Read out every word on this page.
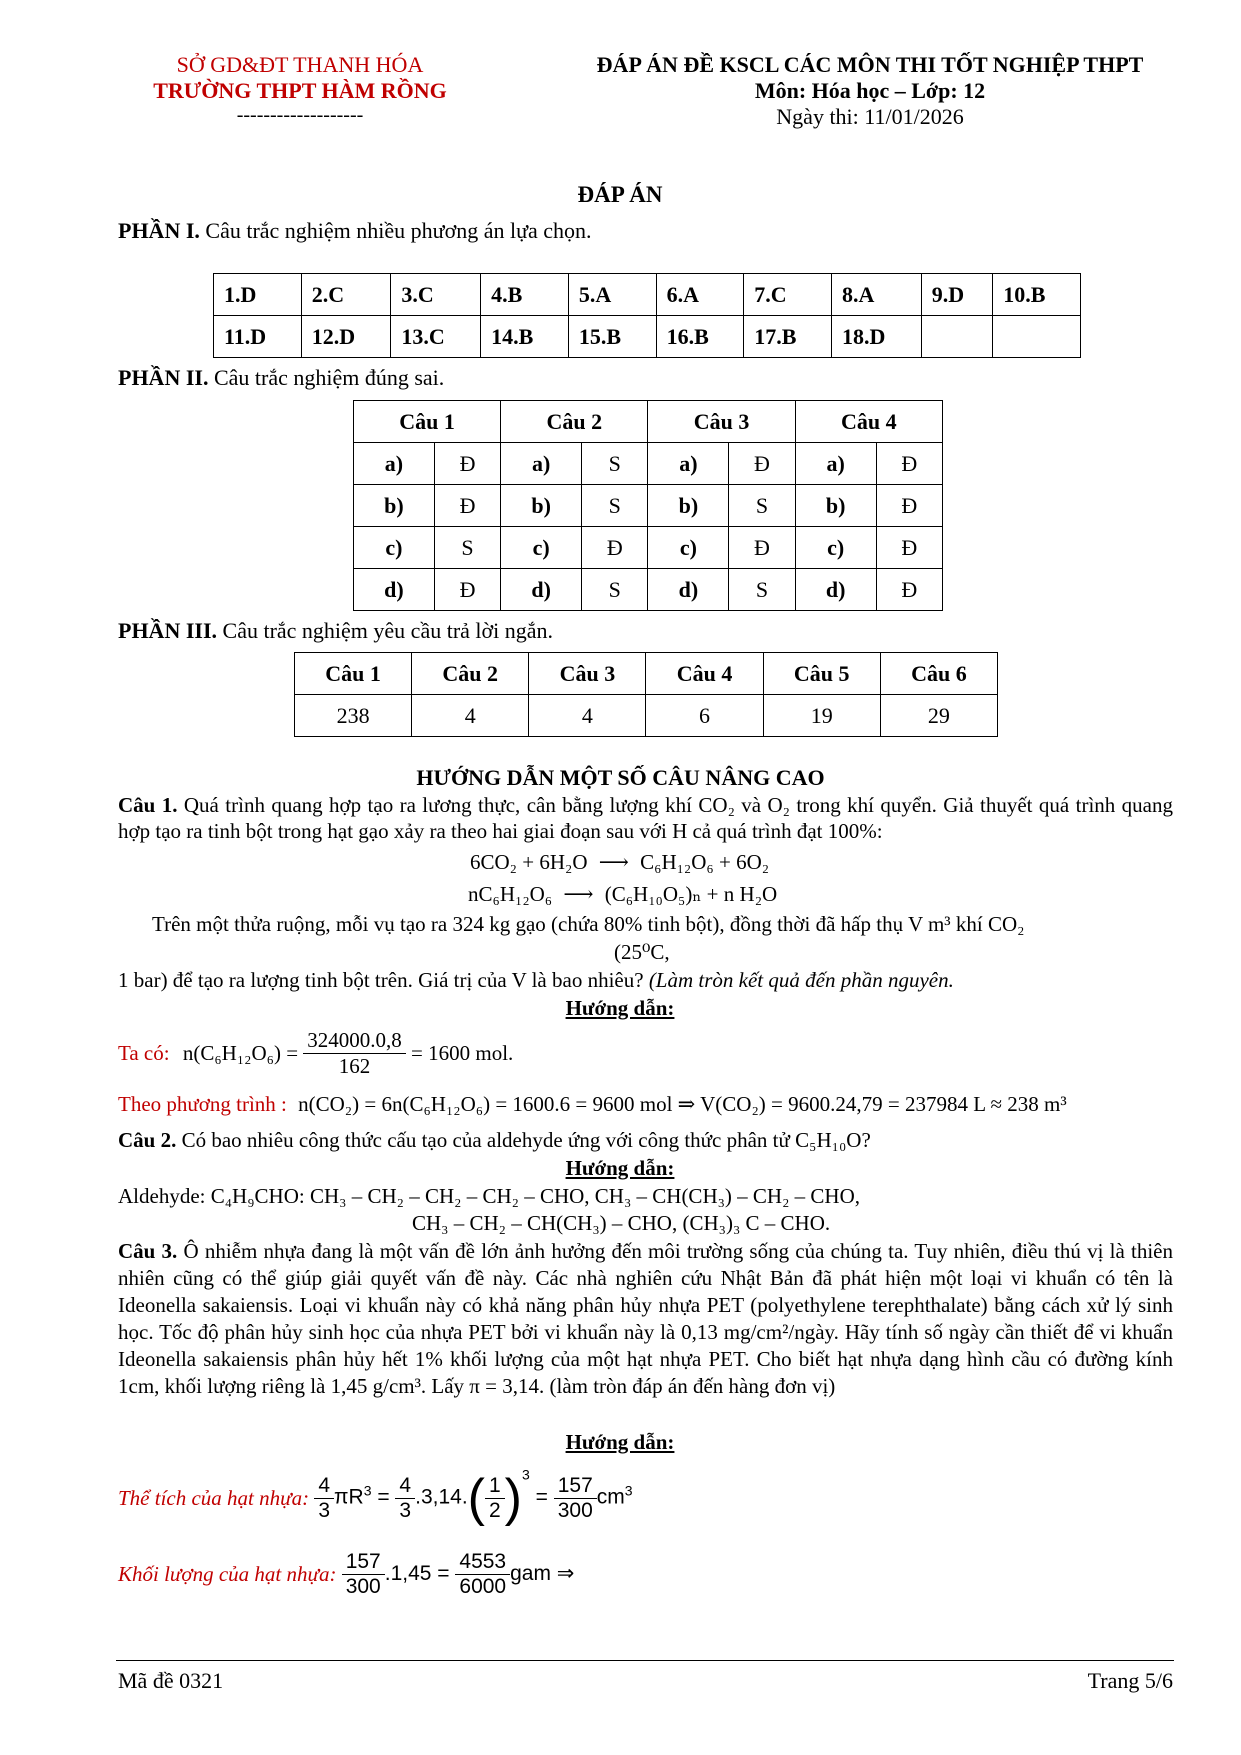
SỞ GD&ĐT THANH HÓA
TRƯỜNG THPT HÀM RỒNG
-------------------
ĐÁP ÁN ĐỀ KSCL CÁC MÔN THI TỐT NGHIỆP THPT
Môn: Hóa học – Lớp: 12
Ngày thi: 11/01/2026
ĐÁP ÁN
PHẦN I. Câu trắc nghiệm nhiều phương án lựa chọn.
1.D	2.C	3.C	4.B	5.A	6.A	7.C	8.A	9.D	10.B
11.D	12.D	13.C	14.B	15.B	16.B	17.B	18.D		
PHẦN II. Câu trắc nghiệm đúng sai.
Câu 1		Câu 2		Câu 3		Câu 4	
a)	Đ	a)	S	a)	Đ	a)	Đ
b)	Đ	b)	S	b)	S	b)	Đ
c)	S	c)	Đ	c)	Đ	c)	Đ
d)	Đ	d)	S	d)	S	d)	Đ
PHẦN III. Câu trắc nghiệm yêu cầu trả lời ngắn.
Câu 1	Câu 2	Câu 3	Câu 4	Câu 5	Câu 6
238	4	4	6	19	29
HƯỚNG DẪN MỘT SỐ CÂU NÂNG CAO
Câu 1. Quá trình quang hợp tạo ra lương thực, cân bằng lượng khí CO₂ và O₂ trong khí quyển. Giả thuyết quá trình quang hợp tạo ra tinh bột trong hạt gạo xảy ra theo hai giai đoạn sau với H cả quá trình đạt 100%:
6CO₂ + 6H₂O ⟶ C₆H₁₂O₆ + 6O₂
nC₆H₁₂O₆ ⟶ (C₆H₁₀O₅)ₙ + n H₂O
Trên một thửa ruộng, mỗi vụ tạo ra 324 kg gạo (chứa 80% tinh bột), đồng thời đã hấp thụ V m³ khí CO₂
(25⁰C,
1 bar) để tạo ra lượng tinh bột trên. Giá trị của V là bao nhiêu? (Làm tròn kết quả đến phần nguyên.
Hướng dẫn:
Ta có: $n(C_6H_{12}O_6) = \frac{324000.0,8}{162} = 1600$ mol.
Theo phương trình : n(CO₂) = 6n(C₆H₁₂O₆) = 1600.6 = 9600 mol ⇒ V(CO₂) = 9600.24,79 = 237984 L ≈ 238 m³
Câu 2. Có bao nhiêu công thức cấu tạo của aldehyde ứng với công thức phân tử C₅H₁₀O?
Hướng dẫn:
Aldehyde: C₄H₉CHO: CH₃ – CH₂ – CH₂ – CH₂ – CHO, CH₃ – CH(CH₃) – CH₂ – CHO,
CH₃ – CH₂ – CH(CH₃) – CHO, (CH₃)₃ C – CHO.
Câu 3. Ô nhiễm nhựa đang là một vấn đề lớn ảnh hưởng đến môi trường sống của chúng ta. Tuy nhiên, điều thú vị là thiên nhiên cũng có thể giúp giải quyết vấn đề này. Các nhà nghiên cứu Nhật Bản đã phát hiện một loại vi khuẩn có tên là Ideonella sakaiensis. Loại vi khuẩn này có khả năng phân hủy nhựa PET (polyethylene terephthalate) bằng cách xử lý sinh học. Tốc độ phân hủy sinh học của nhựa PET bởi vi khuẩn này là 0,13 mg/cm²/ngày. Hãy tính số ngày cần thiết để vi khuẩn Ideonella sakaiensis phân hủy hết 1% khối lượng của một hạt nhựa PET. Cho biết hạt nhựa dạng hình cầu có đường kính 1cm, khối lượng riêng là 1,45 g/cm³. Lấy π = 3,14. (làm tròn đáp án đến hàng đơn vị)
Hướng dẫn:
Thể tích của hạt nhựa: $\frac{4}{3} \pi R^3 = \frac{4}{3} .3,14.( \frac{1}{2} )^3 = \frac{157}{300} cm^3$
Khối lượng của hạt nhựa: $\frac{157}{300} .1,45 = \frac{4553}{6000}$ gam ⇒
Mã đề 0321	Trang 5/6
